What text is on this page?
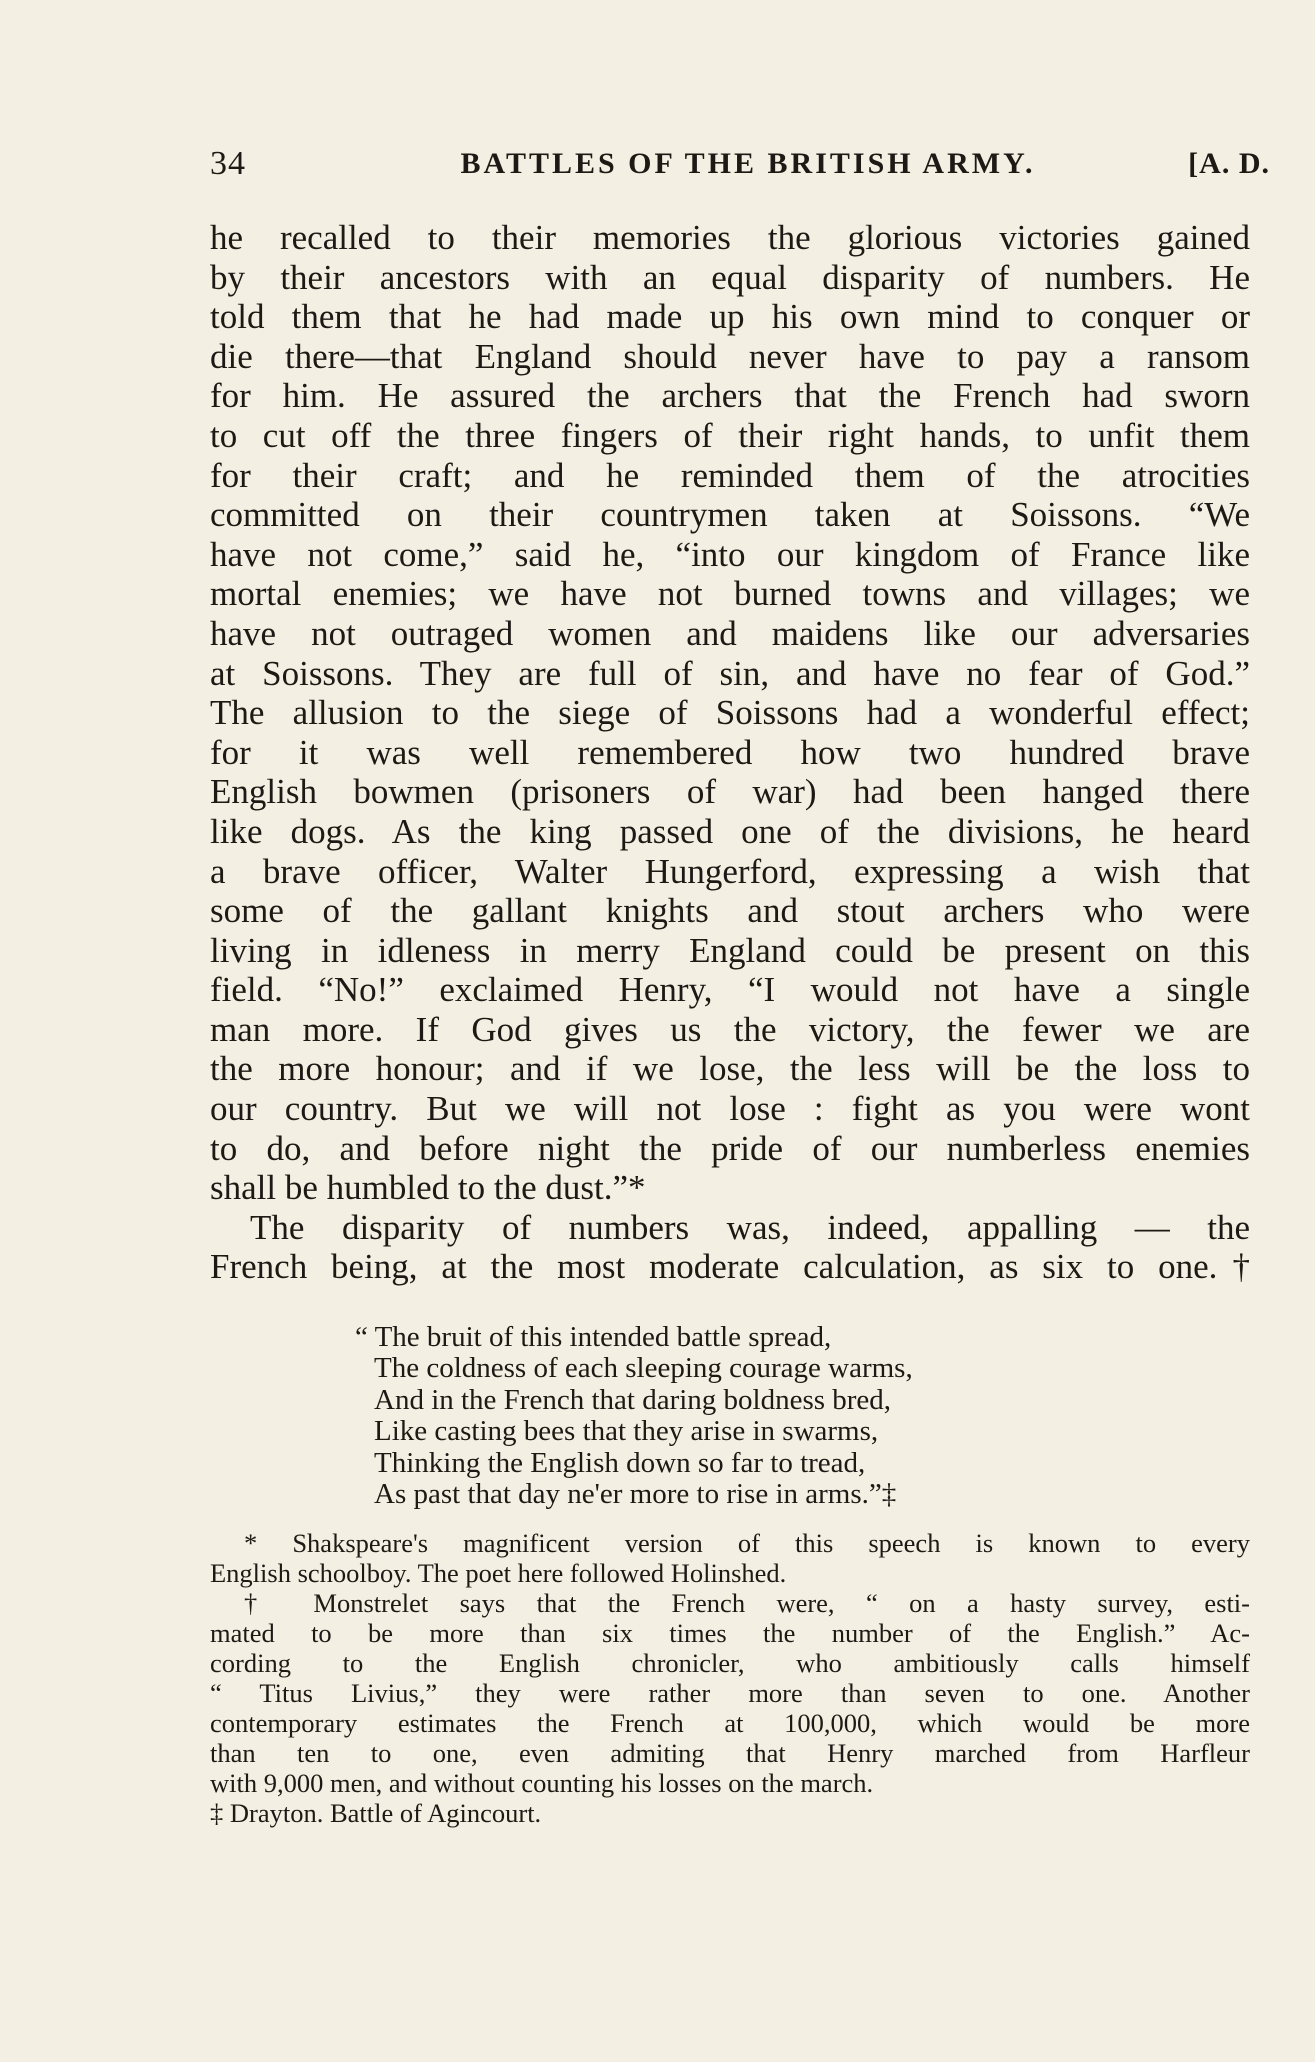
34	BATTLES OF THE BRITISH ARMY.	[A. D.
he recalled to their memories the glorious victories gained
by their ancestors with an equal disparity of numbers. He
told them that he had made up his own mind to conquer or
die there—that England should never have to pay a ransom
for him. He assured the archers that the French had sworn
to cut off the three fingers of their right hands, to unfit them
for their craft; and he reminded them of the atrocities
committed on their countrymen taken at Soissons. “We
have not come,” said he, “into our kingdom of France like
mortal enemies; we have not burned towns and villages; we
have not outraged women and maidens like our adversaries
at Soissons. They are full of sin, and have no fear of God.”
The allusion to the siege of Soissons had a wonderful effect;
for it was well remembered how two hundred brave
English bowmen (prisoners of war) had been hanged there
like dogs. As the king passed one of the divisions, he heard
a brave officer, Walter Hungerford, expressing a wish that
some of the gallant knights and stout archers who were
living in idleness in merry England could be present on this
field. “No!” exclaimed Henry, “I would not have a single
man more. If God gives us the victory, the fewer we are
the more honour; and if we lose, the less will be the loss to
our country. But we will not lose : fight as you were wont
to do, and before night the pride of our numberless enemies
shall be humbled to the dust.”*
The disparity of numbers was, indeed, appalling — the
French being, at the most moderate calculation, as six to one.†
“ The bruit of this intended battle spread,
The coldness of each sleeping courage warms,
And in the French that daring boldness bred,
Like casting bees that they arise in swarms,
Thinking the English down so far to tread,
As past that day ne'er more to rise in arms.”‡
* Shakspeare's magnificent version of this speech is known to every
English schoolboy. The poet here followed Holinshed.
† Monstrelet says that the French were, “ on a hasty survey, esti-
mated to be more than six times the number of the English.” Ac-
cording to the English chronicler, who ambitiously calls himself
“ Titus Livius,” they were rather more than seven to one. Another
contemporary estimates the French at 100,000, which would be more
than ten to one, even admiting that Henry marched from Harfleur
with 9,000 men, and without counting his losses on the march.
‡ Drayton. Battle of Agincourt.
